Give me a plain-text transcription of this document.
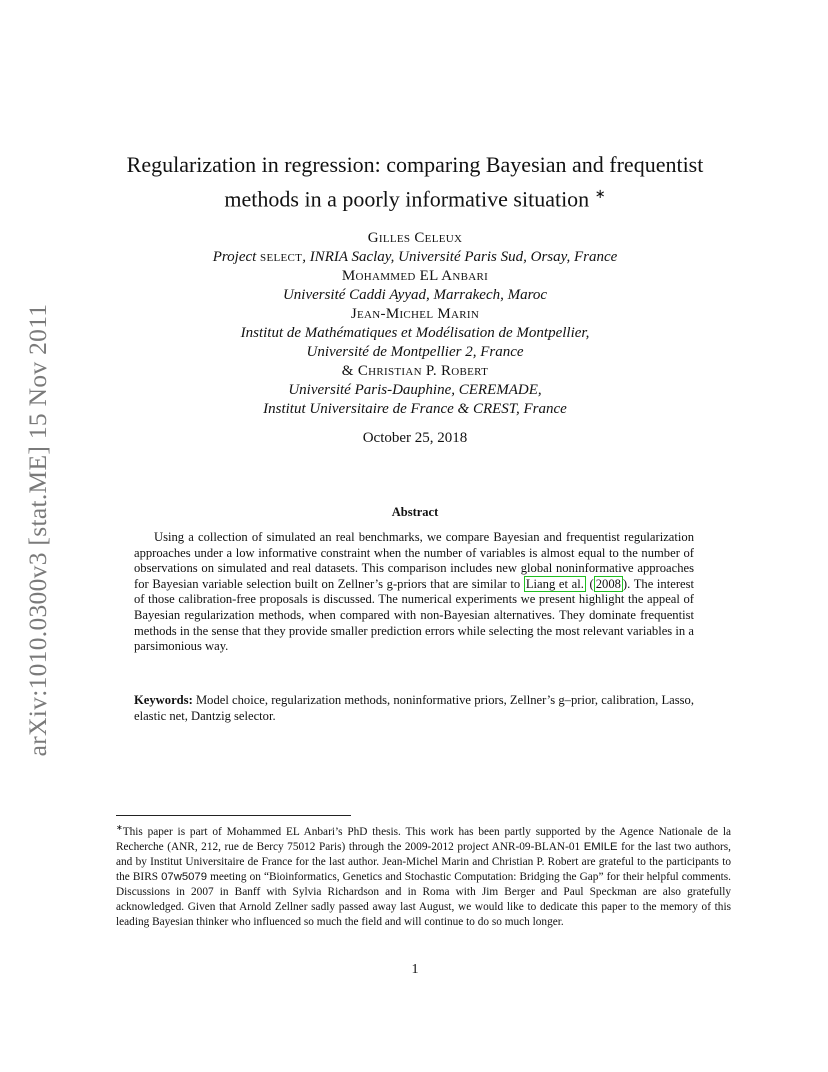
arXiv:1010.0300v3 [stat.ME] 15 Nov 2011
Regularization in regression: comparing Bayesian and frequentist
methods in a poorly informative situation ∗
Gilles Celeux
Project select, INRIA Saclay, Université Paris Sud, Orsay, France
Mohammed EL Anbari
Université Caddi Ayyad, Marrakech, Maroc
Jean-Michel Marin
Institut de Mathématiques et Modélisation de Montpellier,
Université de Montpellier 2, France
& Christian P. Robert
Université Paris-Dauphine, CEREMADE,
Institut Universitaire de France & CREST, France
October 25, 2018
Abstract

Using a collection of simulated an real benchmarks, we compare Bayesian and frequentist regularization approaches under a low informative constraint when the number of variables is almost equal to the number of observations on simulated and real datasets. This comparison includes new global noninformative approaches for Bayesian variable selection built on Zellner’s g-priors that are similar to Liang et al. ( 2008 ). The interest of those calibration-free proposals is discussed. The numerical experiments we present highlight the appeal of Bayesian regularization methods, when compared with non-Bayesian alternatives. They dominate frequentist methods in the sense that they provide smaller prediction errors while selecting the most relevant variables in a parsimonious way.

Keywords: Model choice, regularization methods, noninformative priors, Zellner’s g–prior, calibration, Lasso, elastic net, Dantzig selector.

∗This paper is part of Mohammed EL Anbari’s PhD thesis. This work has been partly supported by the Agence Nationale de la Recherche (ANR, 212, rue de Bercy 75012 Paris) through the 2009-2012 project ANR-09-BLAN-01 EMILE for the last two authors, and by Institut Universitaire de France for the last author. Jean-Michel Marin and Christian P. Robert are grateful to the participants to the BIRS 07w5079 meeting on “Bioinformatics, Genetics and Stochastic Computation: Bridging the Gap” for their helpful comments. Discussions in 2007 in Banff with Sylvia Richardson and in Roma with Jim Berger and Paul Speckman are also gratefully acknowledged. Given that Arnold Zellner sadly passed away last August, we would like to dedicate this paper to the memory of this leading Bayesian thinker who influenced so much the field and will continue to do so much longer.

1
